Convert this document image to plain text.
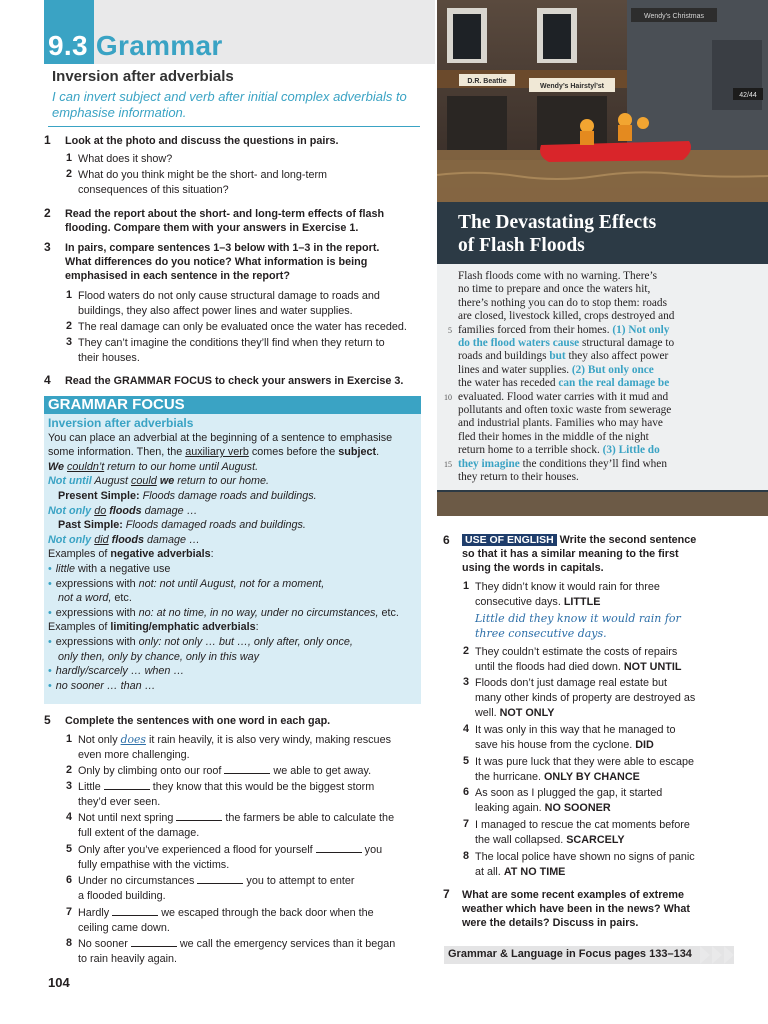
9.3 Grammar
Inversion after adverbials
I can invert subject and verb after initial complex adverbials to emphasise information.
1 Look at the photo and discuss the questions in pairs.
1 What does it show?
2 What do you think might be the short- and long-term
consequences of this situation?
2 Read the report about the short- and long-term effects of flash
flooding. Compare them with your answers in Exercise 1.
3 In pairs, compare sentences 1–3 below with 1–3 in the report.
What differences do you notice? What information is being
emphasised in each sentence in the report?
1 Flood waters do not only cause structural damage to roads and
buildings, they also affect power lines and water supplies.
2 The real damage can only be evaluated once the water has receded.
3 They can’t imagine the conditions they’ll find when they return to
their houses.
4 Read the GRAMMAR FOCUS to check your answers in Exercise 3.
GRAMMAR FOCUS
Inversion after adverbials
You can place an adverbial at the beginning of a sentence to emphasise
some information. Then, the auxiliary verb comes before the subject.
We couldn’t return to our home until August.
Not until August could we return to our home.
Present Simple: Floods damage roads and buildings.
Not only do floods damage …
Past Simple: Floods damaged roads and buildings.
Not only did floods damage …
Examples of negative adverbials:
• little with a negative use
• expressions with not: not until August, not for a moment,
not a word, etc.
• expressions with no: at no time, in no way, under no circumstances, etc.
Examples of limiting/emphatic adverbials:
• expressions with only: not only … but …, only after, only once,
only then, only by chance, only in this way
• hardly/scarcely … when …
• no sooner … than …
5 Complete the sentences with one word in each gap.
1 Not only does it rain heavily, it is also very windy, making rescues
even more challenging.
2 Only by climbing onto our roof	we able to get away.
3 Little	they know that this would be the biggest storm
they’d ever seen.
4 Not until next spring	the farmers be able to calculate the
full extent of the damage.
5 Only after you’ve experienced a flood for yourself	you
fully empathise with the victims.
6 Under no circumstances	you to attempt to enter
a flooded building.
7 Hardly	we escaped through the back door when the
ceiling came down.
8 No sooner	we call the emergency services than it began
to rain heavily again.
104
D.R. Beattie
Wendy’s Hairstyl’st
Wendy’s Christmas
42/44
The Devastating Effects
of Flash Floods
Flash floods come with no warning. There’s
no time to prepare and once the waters hit,
there’s nothing you can do to stop them: roads
are closed, livestock killed, crops destroyed and
families forced from their homes. (1) Not only
do the flood waters cause structural damage to
roads and buildings but they also affect power
lines and water supplies. (2) But only once
the water has receded can the real damage be
evaluated. Flood water carries with it mud and
pollutants and often toxic waste from sewerage
and industrial plants. Families who may have
fled their homes in the middle of the night
return home to a terrible shock. (3) Little do
they imagine the conditions they’ll find when
they return to their houses.
5
10
15
6 USE OF ENGLISH Write the second sentence
so that it has a similar meaning to the first
using the words in capitals.
1 They didn’t know it would rain for three
consecutive days. LITTLE
Little did they know it would rain for
three consecutive days.
2 They couldn’t estimate the costs of repairs
until the floods had died down. NOT UNTIL
3 Floods don’t just damage real estate but
many other kinds of property are destroyed as
well. NOT ONLY
4 It was only in this way that he managed to
save his house from the cyclone. DID
5 It was pure luck that they were able to escape
the hurricane. ONLY BY CHANCE
6 As soon as I plugged the gap, it started
leaking again. NO SOONER
7 I managed to rescue the cat moments before
the wall collapsed. SCARCELY
8 The local police have shown no signs of panic
at all. AT NO TIME
7 What are some recent examples of extreme
weather which have been in the news? What
were the details? Discuss in pairs.
Grammar & Language in Focus pages 133–134
